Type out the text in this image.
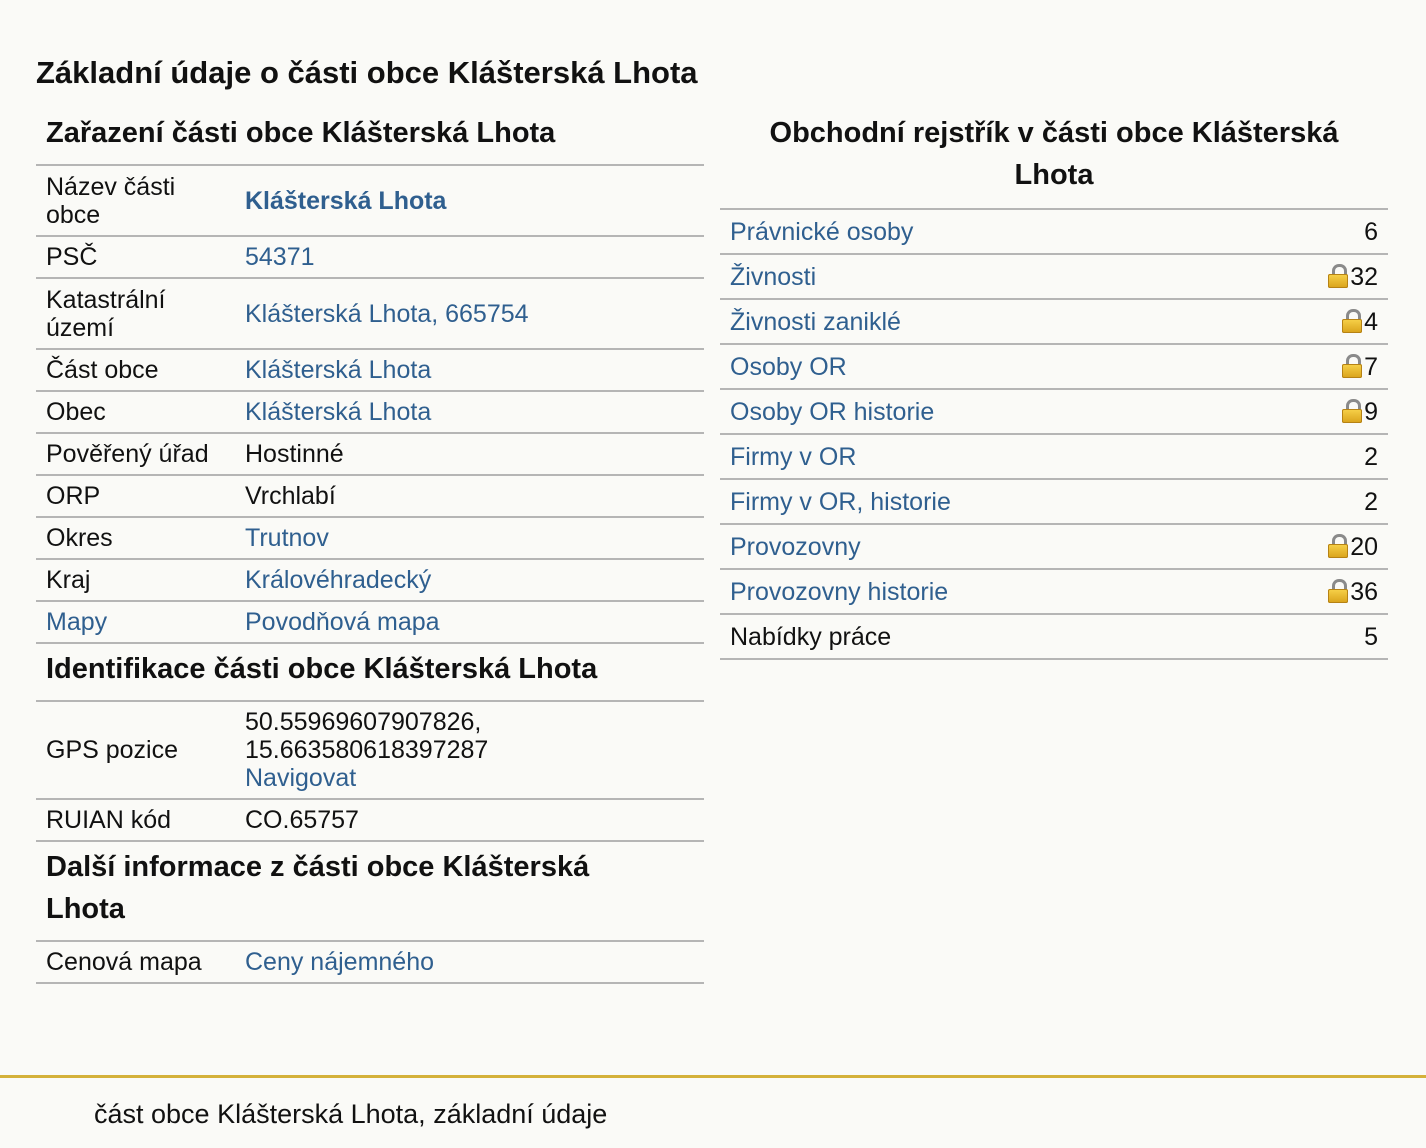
Základní údaje o části obce Klášterská Lhota
Zařazení části obce Klášterská Lhota
Název části obce	Klášterská Lhota
PSČ	54371
Katastrální území	Klášterská Lhota, 665754
Část obce	Klášterská Lhota
Obec	Klášterská Lhota
Pověřený úřad	Hostinné
ORP	Vrchlabí
Okres	Trutnov
Kraj	Královéhradecký
Mapy	Povodňová mapa
Identifikace části obce Klášterská Lhota
GPS pozice	50.55969607907826,
15.663580618397287
Navigovat
RUIAN kód	CO.65757
Další informace z části obce Klášterská Lhota
Cenová mapa	Ceny nájemného
Obchodní rejstřík v části obce Klášterská Lhota
Právnické osoby	6
Živnosti	32
Živnosti zaniklé	4
Osoby OR	7
Osoby OR historie	9
Firmy v OR	2
Firmy v OR, historie	2
Provozovny	20
Provozovny historie	36
Nabídky práce	5
část obce Klášterská Lhota, základní údaje
